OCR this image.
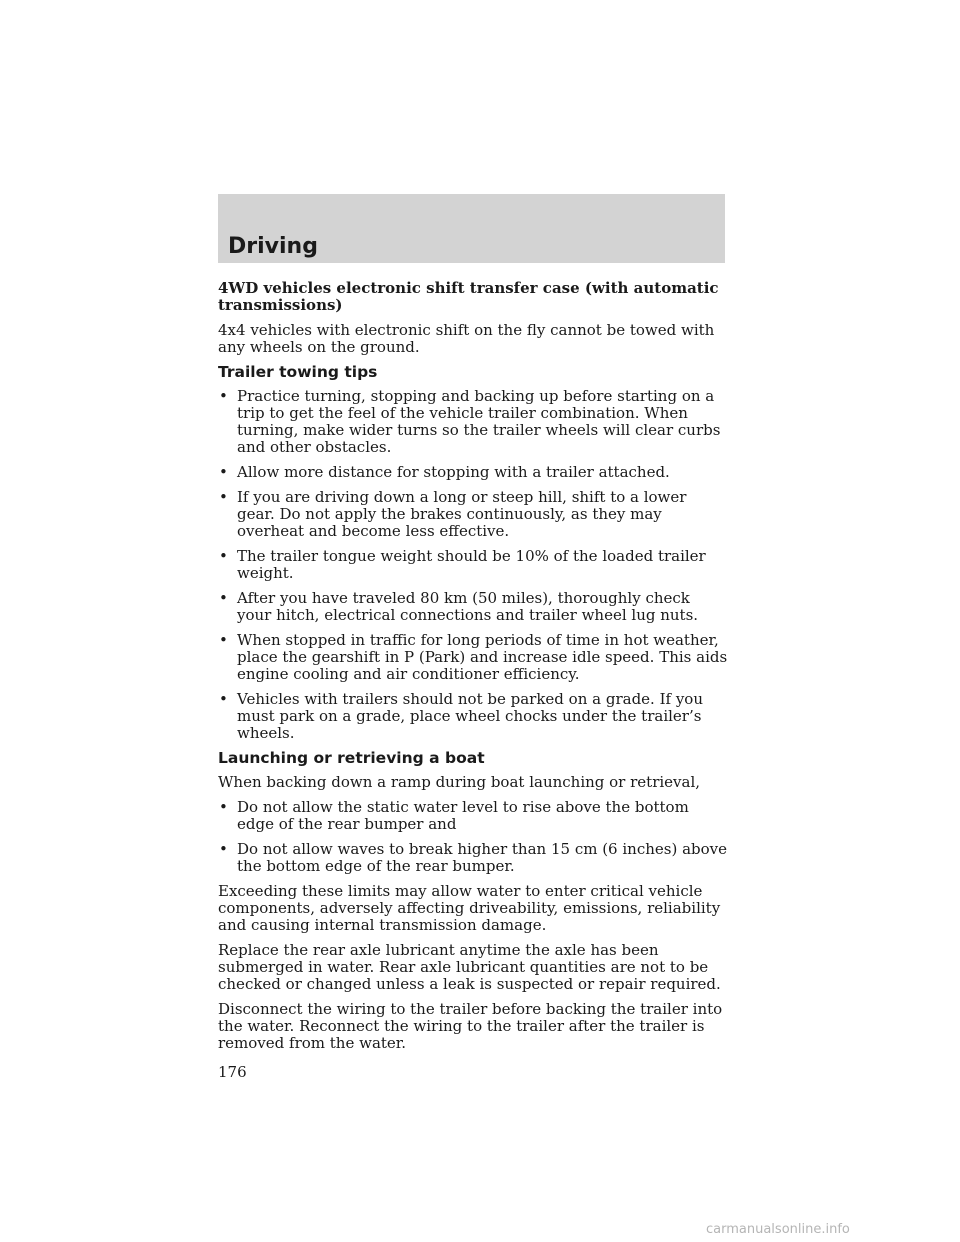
Driving
4WD vehicles electronic shift transfer case (with automatic transmissions)

4x4 vehicles with electronic shift on the fly cannot be towed with any wheels on the ground.

Trailer towing tips
• Practice turning, stopping and backing up before starting on a trip to get the feel of the vehicle trailer combination. When turning, make wider turns so the trailer wheels will clear curbs and other obstacles.
• Allow more distance for stopping with a trailer attached.
• If you are driving down a long or steep hill, shift to a lower gear. Do not apply the brakes continuously, as they may overheat and become less effective.
• The trailer tongue weight should be 10% of the loaded trailer weight.
• After you have traveled 80 km (50 miles), thoroughly check your hitch, electrical connections and trailer wheel lug nuts.
• When stopped in traffic for long periods of time in hot weather, place the gearshift in P (Park) and increase idle speed. This aids engine cooling and air conditioner efficiency.
• Vehicles with trailers should not be parked on a grade. If you must park on a grade, place wheel chocks under the trailer’s wheels.
Launching or retrieving a boat

When backing down a ramp during boat launching or retrieval,

• Do not allow the static water level to rise above the bottom edge of the rear bumper and
• Do not allow waves to break higher than 15 cm (6 inches) above the bottom edge of the rear bumper.

Exceeding these limits may allow water to enter critical vehicle components, adversely affecting driveability, emissions, reliability and causing internal transmission damage.

Replace the rear axle lubricant anytime the axle has been submerged in water. Rear axle lubricant quantities are not to be checked or changed unless a leak is suspected or repair required.

Disconnect the wiring to the trailer before backing the trailer into the water. Reconnect the wiring to the trailer after the trailer is removed from the water.

176
carmanualsonline.info
